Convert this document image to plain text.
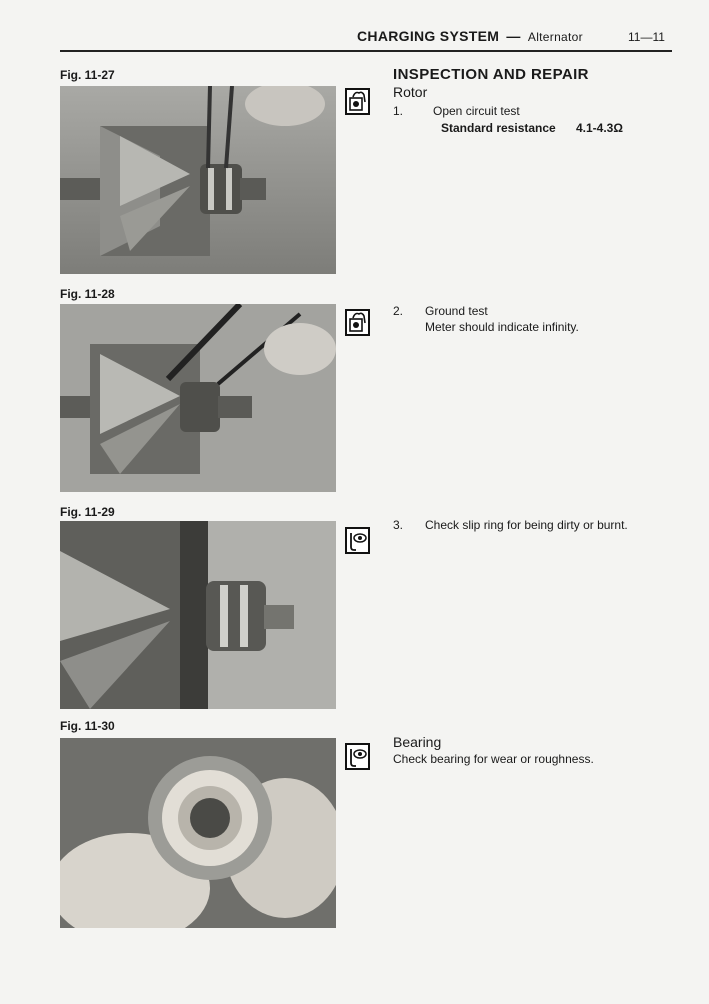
CHARGING SYSTEM — Alternator	11—11
Fig. 11-27
Fig. 11-28
Fig. 11-29
Fig. 11-30
INSPECTION AND REPAIR
Rotor
1. Open circuit test
Standard resistance 4.1-4.3Ω
2. Ground test
Meter should indicate infinity.
3. Check slip ring for being dirty or burnt.
Bearing
Check bearing for wear or roughness.
